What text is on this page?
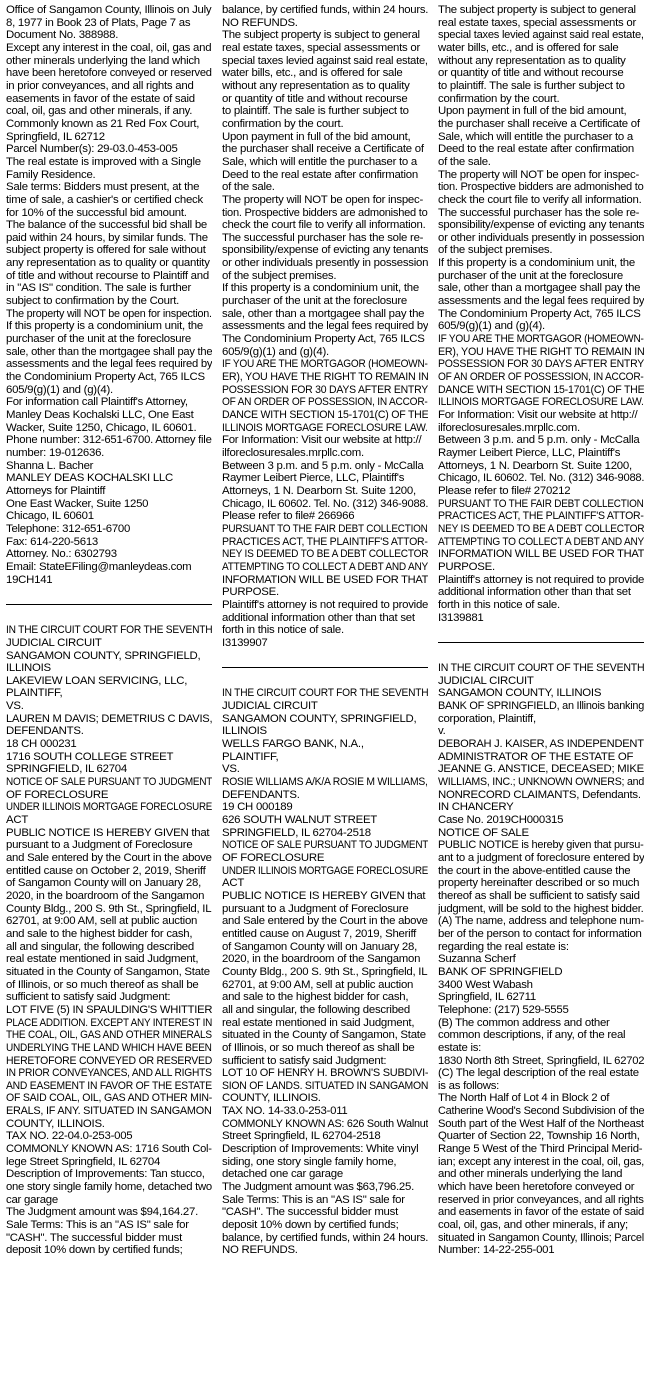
Office of Sangamon County, Illinois on July
8, 1977 in Book 23 of Plats, Page 7 as
Document No. 388988.
Except any interest in the coal, oil, gas and
other minerals underlying the land which
have been heretofore conveyed or reserved
in prior conveyances, and all rights and
easements in favor of the estate of said
coal, oil, gas and other minerals, if any.
Commonly known as 21 Red Fox Court,
Springfield, IL 62712
Parcel Number(s): 29-03.0-453-005
The real estate is improved with a Single
Family Residence.
Sale terms: Bidders must present, at the
time of sale, a cashier's or certified check
for 10% of the successful bid amount.
The balance of the successful bid shall be
paid within 24 hours, by similar funds. The
subject property is offered for sale without
any representation as to quality or quantity
of title and without recourse to Plaintiff and
in "AS IS" condition. The sale is further
subject to confirmation by the Court.
The property will NOT be open for inspection.
If this property is a condominium unit, the
purchaser of the unit at the foreclosure
sale, other than the mortgagee shall pay the
assessments and the legal fees required by
the Condominium Property Act, 765 ILCS
605/9(g)(1) and (g)(4).
For information call Plaintiff's Attorney,
Manley Deas Kochalski LLC, One East
Wacker, Suite 1250, Chicago, IL 60601.
Phone number: 312-651-6700. Attorney file
number: 19-012636.
Shanna L. Bacher
MANLEY DEAS KOCHALSKI LLC
Attorneys for Plaintiff
One East Wacker, Suite 1250
Chicago, IL 60601
Telephone: 312-651-6700
Fax: 614-220-5613
Attorney. No.: 6302793
Email: StateEFiling@manleydeas.com
19CH141
IN THE CIRCUIT COURT FOR THE SEVENTH
JUDICIAL CIRCUIT
SANGAMON COUNTY, SPRINGFIELD,
ILLINOIS
LAKEVIEW LOAN SERVICING, LLC,
PLAINTIFF,
VS.
LAUREN M DAVIS; DEMETRIUS C DAVIS,
DEFENDANTS.
18 CH 000231
1716 SOUTH COLLEGE STREET
SPRINGFIELD, IL 62704
NOTICE OF SALE PURSUANT TO JUDGMENT
OF FORECLOSURE
UNDER ILLINOIS MORTGAGE FORECLOSURE
ACT
PUBLIC NOTICE IS HEREBY GIVEN that
pursuant to a Judgment of Foreclosure
and Sale entered by the Court in the above
entitled cause on October 2, 2019, Sheriff
of Sangamon County will on January 28,
2020, in the boardroom of the Sangamon
County Bldg., 200 S. 9th St., Springfield, IL
62701, at 9:00 AM, sell at public auction
and sale to the highest bidder for cash,
all and singular, the following described
real estate mentioned in said Judgment,
situated in the County of Sangamon, State
of Illinois, or so much thereof as shall be
sufficient to satisfy said Judgment:
LOT FIVE (5) IN SPAULDING'S WHITTIER
PLACE ADDITION. EXCEPT ANY INTEREST IN
THE COAL, OIL, GAS AND OTHER MINERALS
UNDERLYING THE LAND WHICH HAVE BEEN
HERETOFORE CONVEYED OR RESERVED
IN PRIOR CONVEYANCES, AND ALL RIGHTS
AND EASEMENT IN FAVOR OF THE ESTATE
OF SAID COAL, OIL, GAS AND OTHER MIN-
ERALS, IF ANY. SITUATED IN SANGAMON
COUNTY, ILLINOIS.
TAX NO. 22-04.0-253-005
COMMONLY KNOWN AS: 1716 South Col-
lege Street Springfield, IL 62704
Description of Improvements: Tan stucco,
one story single family home, detached two
car garage
The Judgment amount was $94,164.27.
Sale Terms: This is an "AS IS" sale for
"CASH". The successful bidder must
deposit 10% down by certified funds;
balance, by certified funds, within 24 hours.
NO REFUNDS.
The subject property is subject to general
real estate taxes, special assessments or
special taxes levied against said real estate,
water bills, etc., and is offered for sale
without any representation as to quality
or quantity of title and without recourse
to plaintiff. The sale is further subject to
confirmation by the court.
Upon payment in full of the bid amount,
the purchaser shall receive a Certificate of
Sale, which will entitle the purchaser to a
Deed to the real estate after confirmation
of the sale.
The property will NOT be open for inspec-
tion. Prospective bidders are admonished to
check the court file to verify all information.
The successful purchaser has the sole re-
sponsibility/expense of evicting any tenants
or other individuals presently in possession
of the subject premises.
If this property is a condominium unit, the
purchaser of the unit at the foreclosure
sale, other than a mortgagee shall pay the
assessments and the legal fees required by
The Condominium Property Act, 765 ILCS
605/9(g)(1) and (g)(4).
IF YOU ARE THE MORTGAGOR (HOMEOWN-
ER), YOU HAVE THE RIGHT TO REMAIN IN
POSSESSION FOR 30 DAYS AFTER ENTRY
OF AN ORDER OF POSSESSION, IN ACCOR-
DANCE WITH SECTION 15-1701(C) OF THE
ILLINOIS MORTGAGE FORECLOSURE LAW.
For Information: Visit our website at http://
ilforeclosuresales.mrpllc.com.
Between 3 p.m. and 5 p.m. only - McCalla
Raymer Leibert Pierce, LLC, Plaintiff's
Attorneys, 1 N. Dearborn St. Suite 1200,
Chicago, IL 60602. Tel. No. (312) 346-9088.
Please refer to file# 266966
PURSUANT TO THE FAIR DEBT COLLECTION
PRACTICES ACT, THE PLAINTIFF'S ATTOR-
NEY IS DEEMED TO BE A DEBT COLLECTOR
ATTEMPTING TO COLLECT A DEBT AND ANY
INFORMATION WILL BE USED FOR THAT
PURPOSE.
Plaintiff's attorney is not required to provide
additional information other than that set
forth in this notice of sale.
I3139907
IN THE CIRCUIT COURT FOR THE SEVENTH
JUDICIAL CIRCUIT
SANGAMON COUNTY, SPRINGFIELD,
ILLINOIS
WELLS FARGO BANK, N.A.,
PLAINTIFF,
VS.
ROSIE WILLIAMS A/K/A ROSIE M WILLIAMS,
DEFENDANTS.
19 CH 000189
626 SOUTH WALNUT STREET
SPRINGFIELD, IL 62704-2518
NOTICE OF SALE PURSUANT TO JUDGMENT
OF FORECLOSURE
UNDER ILLINOIS MORTGAGE FORECLOSURE
ACT
PUBLIC NOTICE IS HEREBY GIVEN that
pursuant to a Judgment of Foreclosure
and Sale entered by the Court in the above
entitled cause on August 7, 2019, Sheriff
of Sangamon County will on January 28,
2020, in the boardroom of the Sangamon
County Bldg., 200 S. 9th St., Springfield, IL
62701, at 9:00 AM, sell at public auction
and sale to the highest bidder for cash,
all and singular, the following described
real estate mentioned in said Judgment,
situated in the County of Sangamon, State
of Illinois, or so much thereof as shall be
sufficient to satisfy said Judgment:
LOT 10 OF HENRY H. BROWN'S SUBDIVI-
SION OF LANDS. SITUATED IN SANGAMON
COUNTY, ILLINOIS.
TAX NO. 14-33.0-253-011
COMMONLY KNOWN AS: 626 South Walnut
Street Springfield, IL 62704-2518
Description of Improvements: White vinyl
siding, one story single family home,
detached one car garage
The Judgment amount was $63,796.25.
Sale Terms: This is an "AS IS" sale for
"CASH". The successful bidder must
deposit 10% down by certified funds;
balance, by certified funds, within 24 hours.
NO REFUNDS.
The subject property is subject to general
real estate taxes, special assessments or
special taxes levied against said real estate,
water bills, etc., and is offered for sale
without any representation as to quality
or quantity of title and without recourse
to plaintiff. The sale is further subject to
confirmation by the court.
Upon payment in full of the bid amount,
the purchaser shall receive a Certificate of
Sale, which will entitle the purchaser to a
Deed to the real estate after confirmation
of the sale.
The property will NOT be open for inspec-
tion. Prospective bidders are admonished to
check the court file to verify all information.
The successful purchaser has the sole re-
sponsibility/expense of evicting any tenants
or other individuals presently in possession
of the subject premises.
If this property is a condominium unit, the
purchaser of the unit at the foreclosure
sale, other than a mortgagee shall pay the
assessments and the legal fees required by
The Condominium Property Act, 765 ILCS
605/9(g)(1) and (g)(4).
IF YOU ARE THE MORTGAGOR (HOMEOWN-
ER), YOU HAVE THE RIGHT TO REMAIN IN
POSSESSION FOR 30 DAYS AFTER ENTRY
OF AN ORDER OF POSSESSION, IN ACCOR-
DANCE WITH SECTION 15-1701(C) OF THE
ILLINOIS MORTGAGE FORECLOSURE LAW.
For Information: Visit our website at http://
ilforeclosuresales.mrpllc.com.
Between 3 p.m. and 5 p.m. only - McCalla
Raymer Leibert Pierce, LLC, Plaintiff's
Attorneys, 1 N. Dearborn St. Suite 1200,
Chicago, IL 60602. Tel. No. (312) 346-9088.
Please refer to file# 270212
PURSUANT TO THE FAIR DEBT COLLECTION
PRACTICES ACT, THE PLAINTIFF'S ATTOR-
NEY IS DEEMED TO BE A DEBT COLLECTOR
ATTEMPTING TO COLLECT A DEBT AND ANY
INFORMATION WILL BE USED FOR THAT
PURPOSE.
Plaintiff's attorney is not required to provide
additional information other than that set
forth in this notice of sale.
I3139881
IN THE CIRCUIT COURT OF THE SEVENTH
JUDICIAL CIRCUIT
SANGAMON COUNTY, ILLINOIS
BANK OF SPRINGFIELD, an Illinois banking
corporation, Plaintiff,
v.
DEBORAH J. KAISER, AS INDEPENDENT
ADMINISTRATOR OF THE ESTATE OF
JEANNE G. ANSTICE, DECEASED; MIKE
WILLIAMS, INC.; UNKNOWN OWNERS; and
NONRECORD CLAIMANTS, Defendants.
IN CHANCERY
Case No. 2019CH000315
NOTICE OF SALE
PUBLIC NOTICE is hereby given that pursu-
ant to a judgment of foreclosure entered by
the court in the above-entitled cause the
property hereinafter described or so much
thereof as shall be sufficient to satisfy said
judgment, will be sold to the highest bidder.
(A) The name, address and telephone num-
ber of the person to contact for information
regarding the real estate is:
Suzanna Scherf
BANK OF SPRINGFIELD
3400 West Wabash
Springfield, IL 62711
Telephone: (217) 529-5555
(B) The common address and other
common descriptions, if any, of the real
estate is:
1830 North 8th Street, Springfield, IL 62702
(C) The legal description of the real estate
is as follows:
The North Half of Lot 4 in Block 2 of
Catherine Wood's Second Subdivision of the
South part of the West Half of the Northeast
Quarter of Section 22, Township 16 North,
Range 5 West of the Third Principal Merid-
ian; except any interest in the coal, oil, gas,
and other minerals underlying the land
which have been heretofore conveyed or
reserved in prior conveyances, and all rights
and easements in favor of the estate of said
coal, oil, gas, and other minerals, if any;
situated in Sangamon County, Illinois; Parcel
Number: 14-22-255-001
